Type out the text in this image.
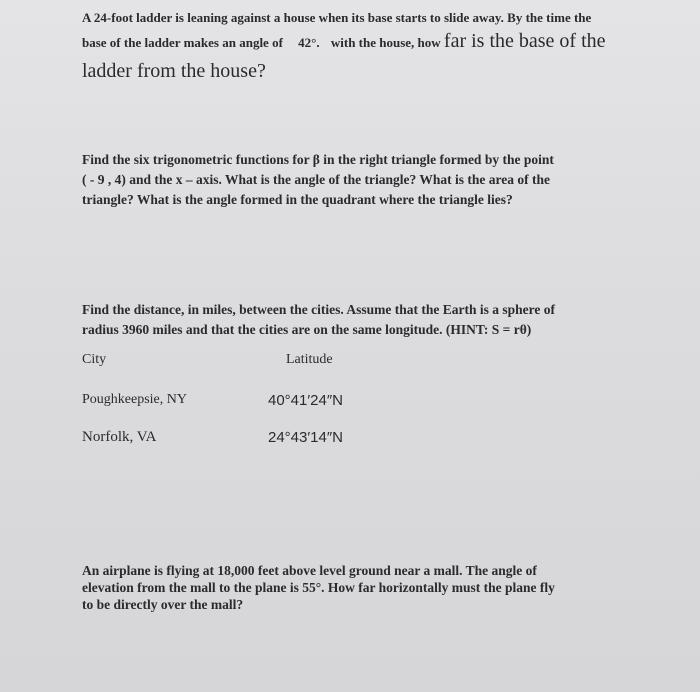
A 24-foot ladder is leaning against a house when its base starts to slide away. By the time the
base of the ladder makes an angle of 42°. with the house, how far is the base of the
ladder from the house?
Find the six trigonometric functions for β in the right triangle formed by the point
( - 9 , 4) and the x – axis. What is the angle of the triangle? What is the area of the
triangle? What is the angle formed in the quadrant where the triangle lies?
Find the distance, in miles, between the cities. Assume that the Earth is a sphere of
radius 3960 miles and that the cities are on the same longitude. (HINT: S = rθ)
City	Latitude
Poughkeepsie, NY	40°41′24″N
Norfolk, VA	24°43′14″N
An airplane is flying at 18,000 feet above level ground near a mall. The angle of
elevation from the mall to the plane is 55°. How far horizontally must the plane fly
to be directly over the mall?
